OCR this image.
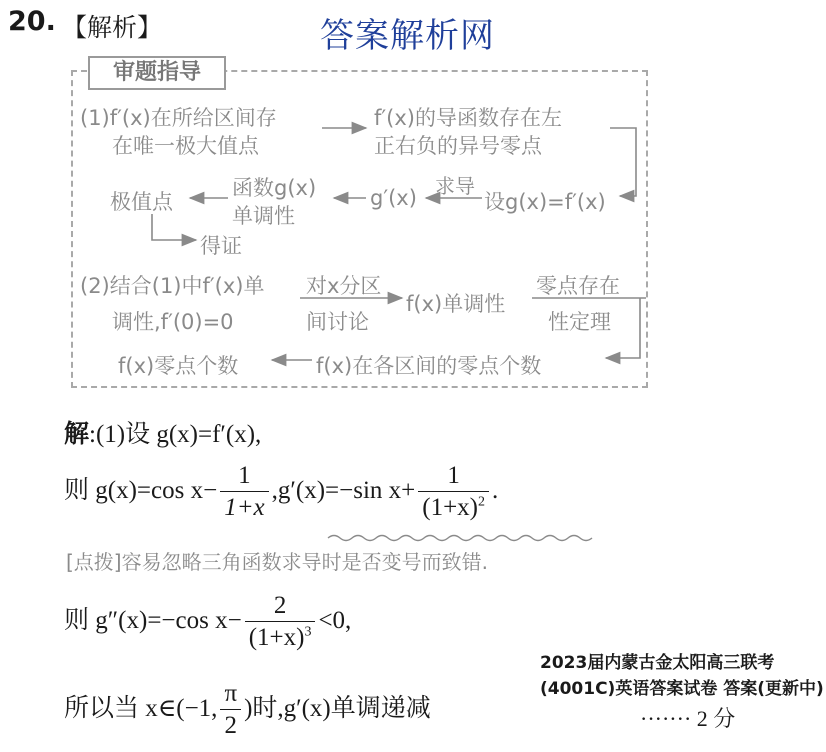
20. 【解析】	答案解析网
审题指导
(1)f′(x)在所给区间存
在唯一极大值点
f′(x)的导函数存在左
正右负的异号零点
设g(x)=f′(x)
求导
g′(x)
函数g(x)
单调性
极值点
得证
(2)结合(1)中f′(x)单
调性,f′(0)=0
对x分区
间讨论
f(x)单调性
零点存在
性定理
f(x)在各区间的零点个数
f(x)零点个数
解:(1)设 g(x)=f′(x),
则 g(x)=cos $x- \frac{1}{1+x} ,g'(x)=-\sin$ $x+ \frac{1}{(1+x)^2}$ .
[点拨]容易忽略三角函数求导时是否变号而致错.
则 g″(x)=−cos $x- \frac{2}{(1+x)^3} <0$,
所以当 x∈(−1, $\frac{\pi}{2}$ )时,g′(x)单调递减
2023届内蒙古金太阳高三联考(4001C)英语答案试卷 答案(更新中)
······· 2 分
